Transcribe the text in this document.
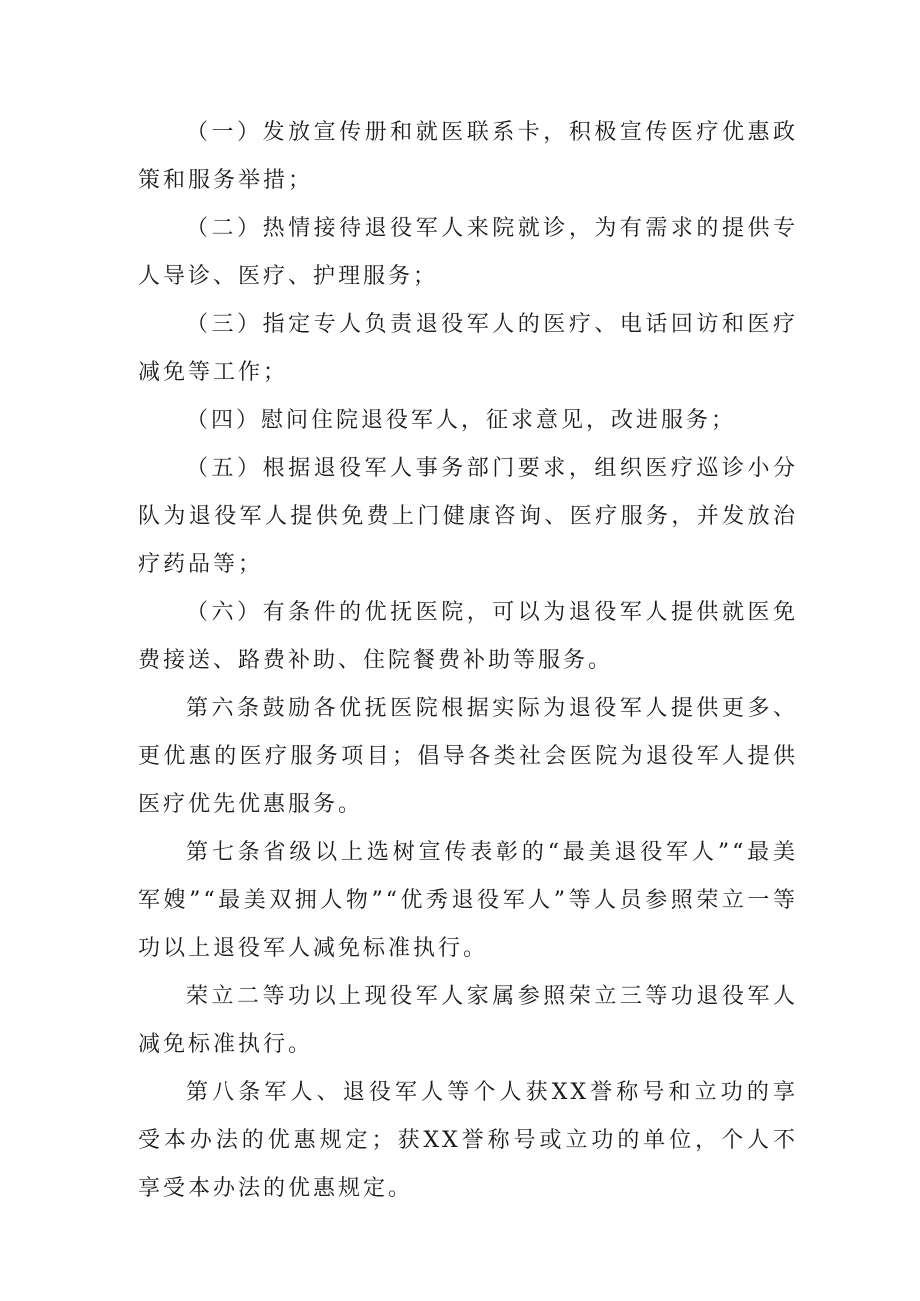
（一）发放宣传册和就医联系卡，积极宣传医疗优惠政策和服务举措；

（二）热情接待退役军人来院就诊，为有需求的提供专人导诊、医疗、护理服务；

（三）指定专人负责退役军人的医疗、电话回访和医疗减免等工作；

（四）慰问住院退役军人，征求意见，改进服务；

（五）根据退役军人事务部门要求，组织医疗巡诊小分队为退役军人提供免费上门健康咨询、医疗服务，并发放治疗药品等；

（六）有条件的优抚医院，可以为退役军人提供就医免费接送、路费补助、住院餐费补助等服务。

第六条鼓励各优抚医院根据实际为退役军人提供更多、更优惠的医疗服务项目；倡导各类社会医院为退役军人提供医疗优先优惠服务。

第七条省级以上选树宣传表彰的“最美退役军人”“最美军嫂”“最美双拥人物”“优秀退役军人”等人员参照荣立一等功以上退役军人减免标准执行。

荣立二等功以上现役军人家属参照荣立三等功退役军人减免标准执行。

第八条军人、退役军人等个人获XX誉称号和立功的享受本办法的优惠规定；获XX誉称号或立功的单位，个人不享受本办法的优惠规定。
